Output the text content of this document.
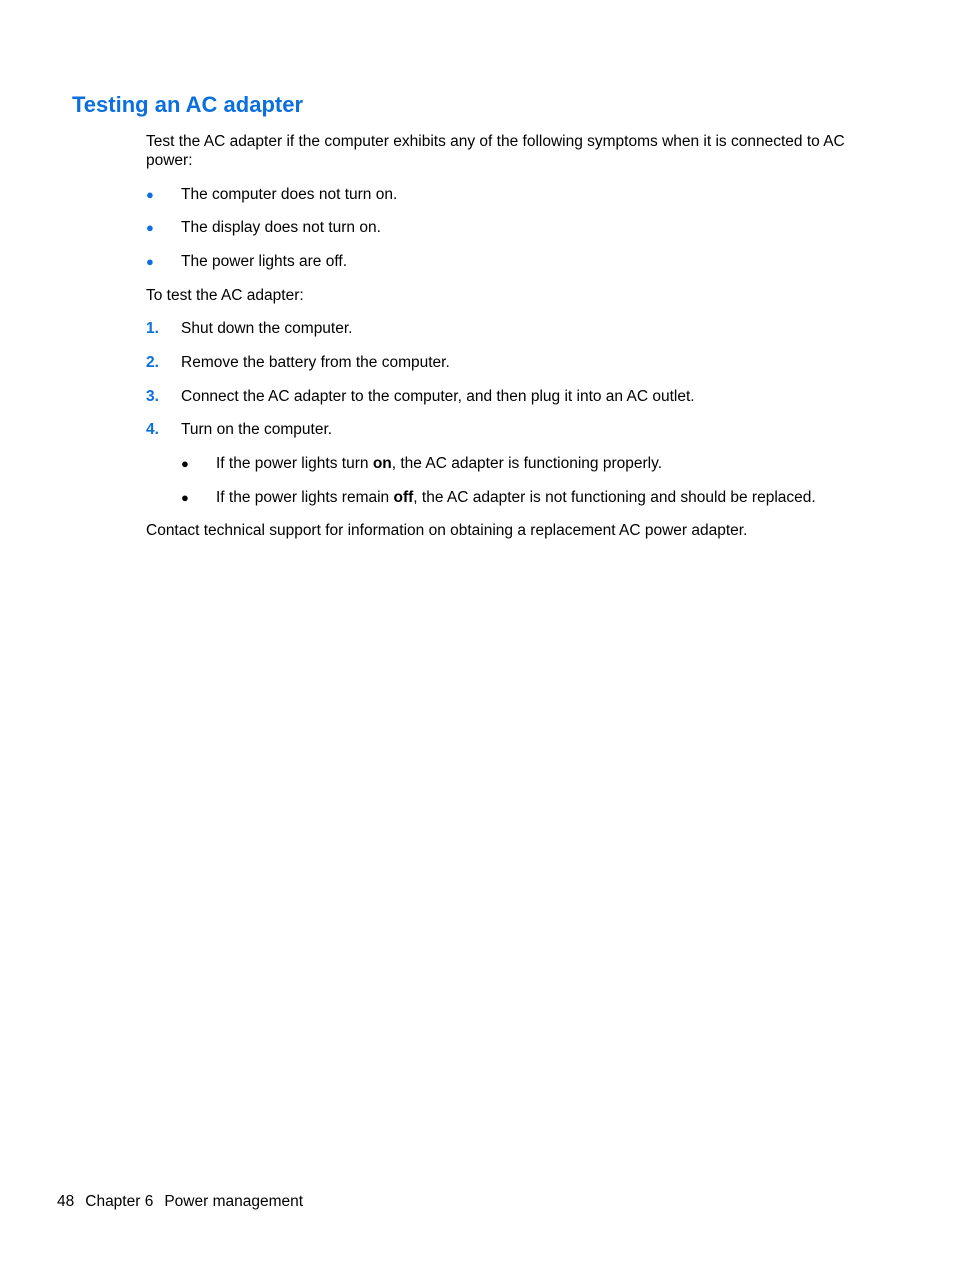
Testing an AC adapter

Test the AC adapter if the computer exhibits any of the following symptoms when it is connected to AC power:

● The computer does not turn on.
● The display does not turn on.
● The power lights are off.

To test the AC adapter:

1. Shut down the computer.
2. Remove the battery from the computer.
3. Connect the AC adapter to the computer, and then plug it into an AC outlet.
4. Turn on the computer.
● If the power lights turn on, the AC adapter is functioning properly.
● If the power lights remain off, the AC adapter is not functioning and should be replaced.

Contact technical support for information on obtaining a replacement AC power adapter.

48 Chapter 6 Power management
